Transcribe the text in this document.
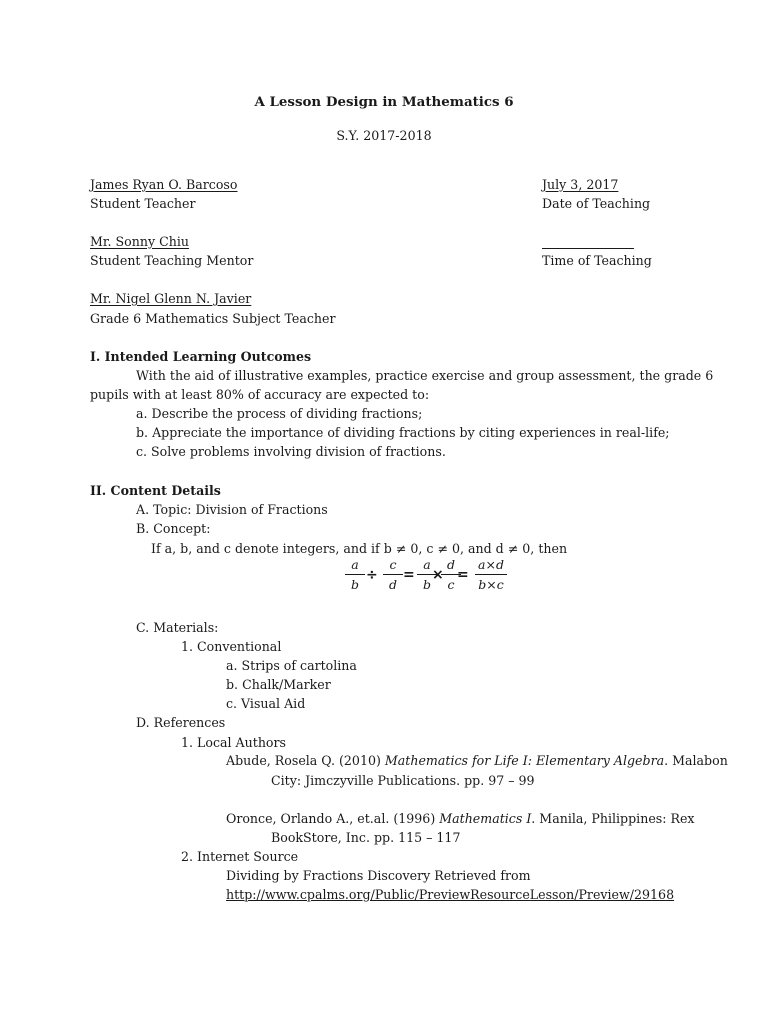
A Lesson Design in Mathematics 6
S.Y. 2017-2018
James Ryan O. Barcoso
Student Teacher
July 3, 2017
Date of Teaching
Mr. Sonny Chiu
Student Teaching Mentor	Time of Teaching
Mr. Nigel Glenn N. Javier
Grade 6 Mathematics Subject Teacher
I. Intended Learning Outcomes
With the aid of illustrative examples, practice exercise and group assessment, the grade 6
pupils with at least 80% of accuracy are expected to:
a. Describe the process of dividing fractions;
b. Appreciate the importance of dividing fractions by citing experiences in real-life;
c. Solve problems involving division of fractions.
II. Content Details
A. Topic: Division of Fractions
B. Concept:
If a, b, and c denote integers, and if b ≠ 0, c ≠ 0, and d ≠ 0, then
a
b
÷
c
d
=
a
b
×
d
c
=
a×d
b×c
C. Materials:
1. Conventional
a. Strips of cartolina
b. Chalk/Marker
c. Visual Aid
D. References
1. Local Authors
Abude, Rosela Q. (2010) Mathematics for Life I: Elementary Algebra. Malabon
City: Jimczyville Publications. pp. 97 – 99
Oronce, Orlando A., et.al. (1996) Mathematics I. Manila, Philippines: Rex
BookStore, Inc. pp. 115 – 117
2. Internet Source
Dividing by Fractions Discovery Retrieved from
http://www.cpalms.org/Public/PreviewResourceLesson/Preview/29168
